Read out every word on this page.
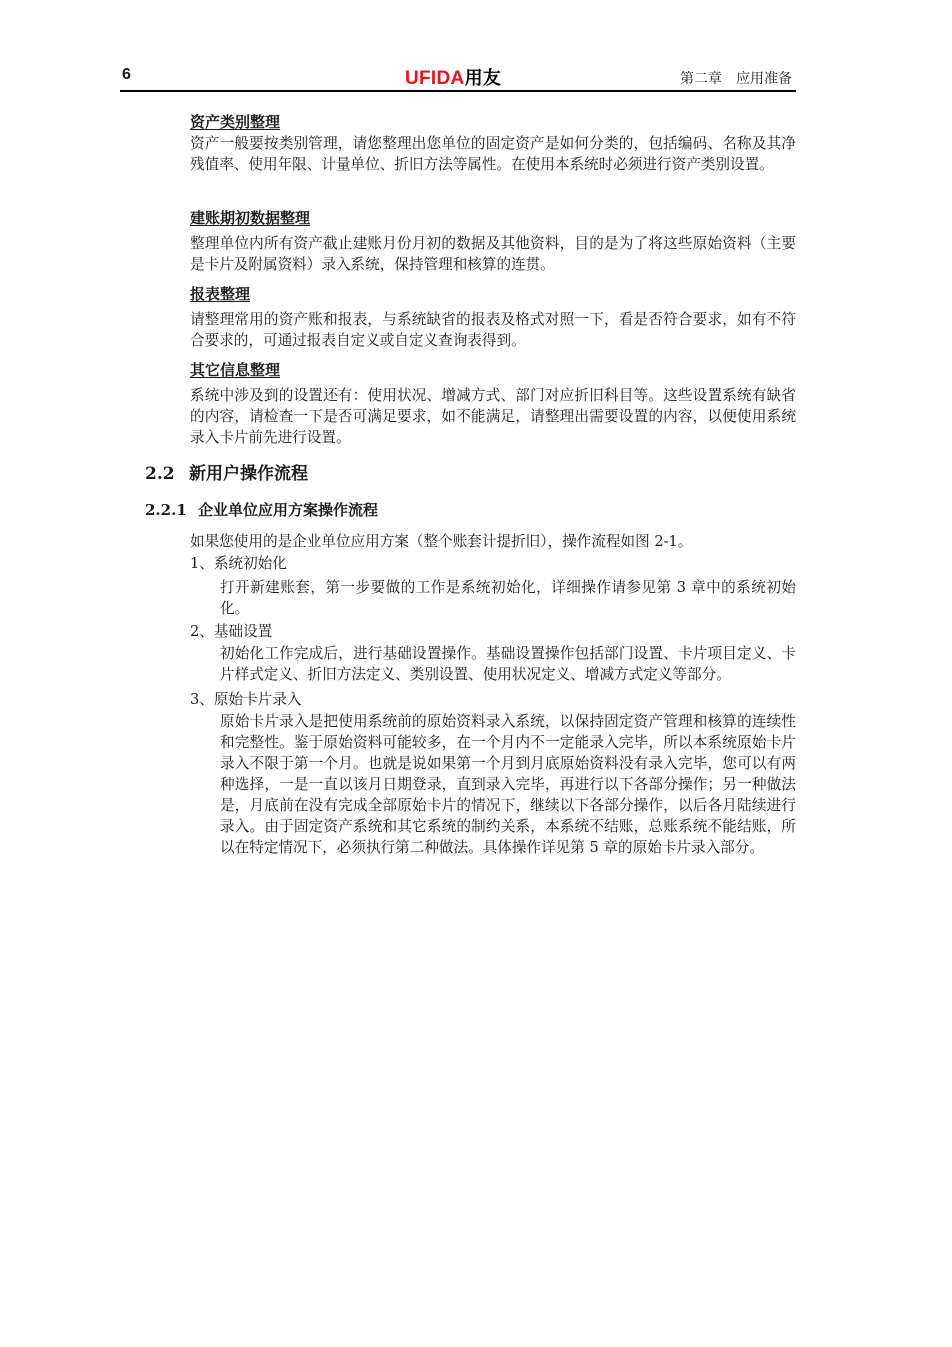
6	UFIDA用友	第二章　应用准备
资产类别整理
资产一般要按类别管理，请您整理出您单位的固定资产是如何分类的，包括编码、名称及其净残值率、使用年限、计量单位、折旧方法等属性。在使用本系统时必须进行资产类别设置。
建账期初数据整理
整理单位内所有资产截止建账月份月初的数据及其他资料，目的是为了将这些原始资料（主要是卡片及附属资料）录入系统，保持管理和核算的连贯。
报表整理
请整理常用的资产账和报表，与系统缺省的报表及格式对照一下，看是否符合要求，如有不符合要求的，可通过报表自定义或自定义查询表得到。
其它信息整理
系统中涉及到的设置还有：使用状况、增减方式、部门对应折旧科目等。这些设置系统有缺省的内容，请检查一下是否可满足要求，如不能满足，请整理出需要设置的内容，以便使用系统录入卡片前先进行设置。
2.2 新用户操作流程
2.2.1 企业单位应用方案操作流程
如果您使用的是企业单位应用方案（整个账套计提折旧），操作流程如图 2-1。
1、系统初始化
打开新建账套，第一步要做的工作是系统初始化，详细操作请参见第 3 章中的系统初始化。
2、基础设置
初始化工作完成后，进行基础设置操作。基础设置操作包括部门设置、卡片项目定义、卡片样式定义、折旧方法定义、类别设置、使用状况定义、增减方式定义等部分。
3、原始卡片录入
原始卡片录入是把使用系统前的原始资料录入系统，以保持固定资产管理和核算的连续性和完整性。鉴于原始资料可能较多，在一个月内不一定能录入完毕，所以本系统原始卡片录入不限于第一个月。也就是说如果第一个月到月底原始资料没有录入完毕，您可以有两种选择，一是一直以该月日期登录，直到录入完毕，再进行以下各部分操作；另一种做法是，月底前在没有完成全部原始卡片的情况下，继续以下各部分操作，以后各月陆续进行录入。由于固定资产系统和其它系统的制约关系，本系统不结账，总账系统不能结账，所以在特定情况下，必须执行第二种做法。具体操作详见第 5 章的原始卡片录入部分。
